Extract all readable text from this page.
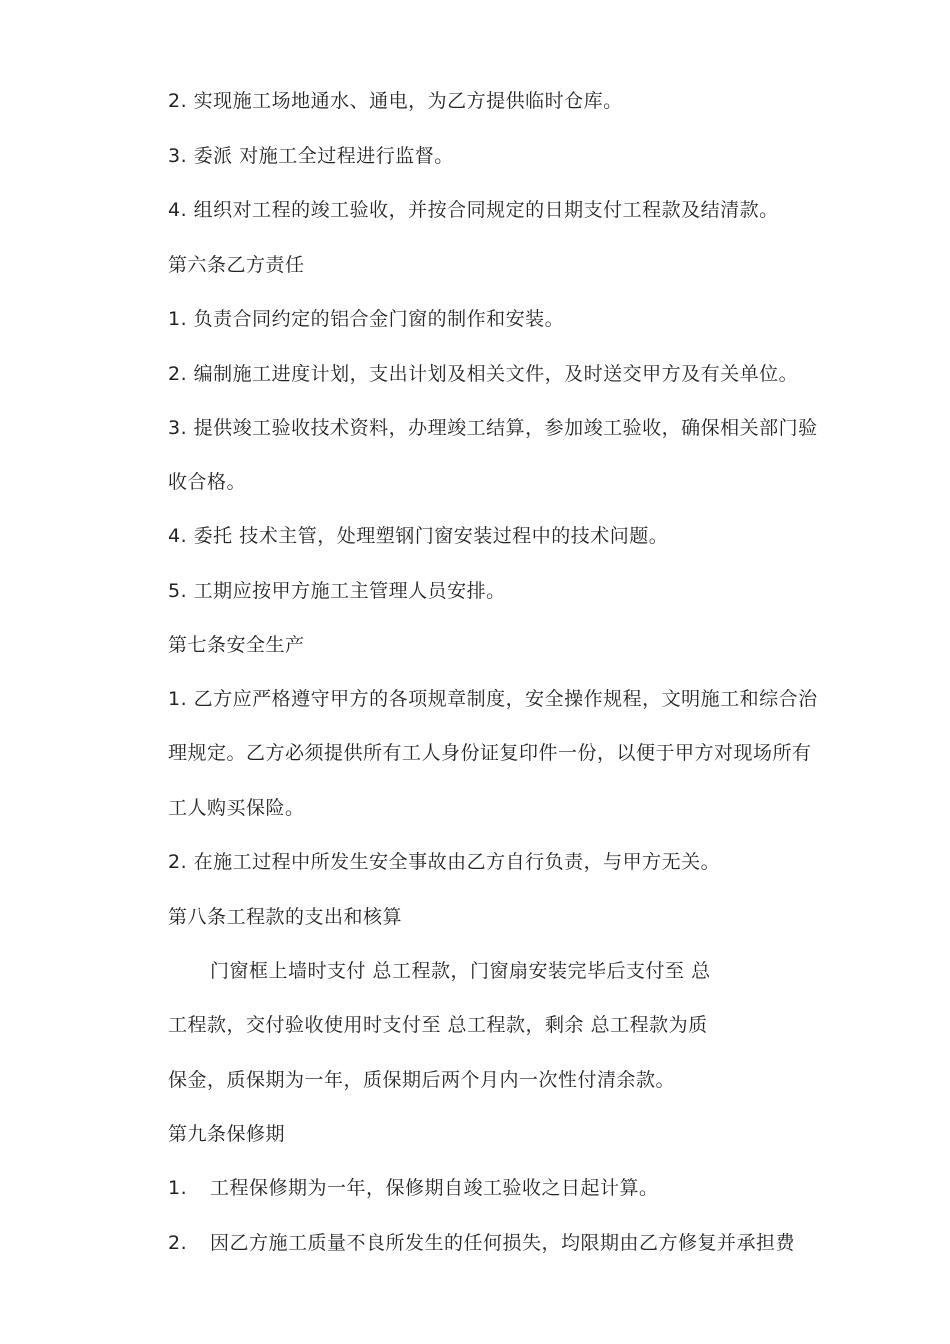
2. 实现施工场地通水、通电，为乙方提供临时仓库。
3. 委派 对施工全过程进行监督。
4. 组织对工程的竣工验收，并按合同规定的日期支付工程款及结清款。
第六条乙方责任
1. 负责合同约定的铝合金门窗的制作和安装。
2. 编制施工进度计划，支出计划及相关文件，及时送交甲方及有关单位。
3. 提供竣工验收技术资料，办理竣工结算，参加竣工验收，确保相关部门验
收合格。
4. 委托 技术主管，处理塑钢门窗安装过程中的技术问题。
5. 工期应按甲方施工主管理人员安排。
第七条安全生产
1. 乙方应严格遵守甲方的各项规章制度，安全操作规程，文明施工和综合治
理规定。乙方必须提供所有工人身份证复印件一份，以便于甲方对现场所有
工人购买保险。
2. 在施工过程中所发生安全事故由乙方自行负责，与甲方无关。
第八条工程款的支出和核算
门窗框上墙时支付 总工程款，门窗扇安装完毕后支付至 总
工程款，交付验收使用时支付至 总工程款，剩余 总工程款为质
保金，质保期为一年，质保期后两个月内一次性付清余款。
第九条保修期
1. 工程保修期为一年，保修期自竣工验收之日起计算。
2. 因乙方施工质量不良所发生的任何损失，均限期由乙方修复并承担费
